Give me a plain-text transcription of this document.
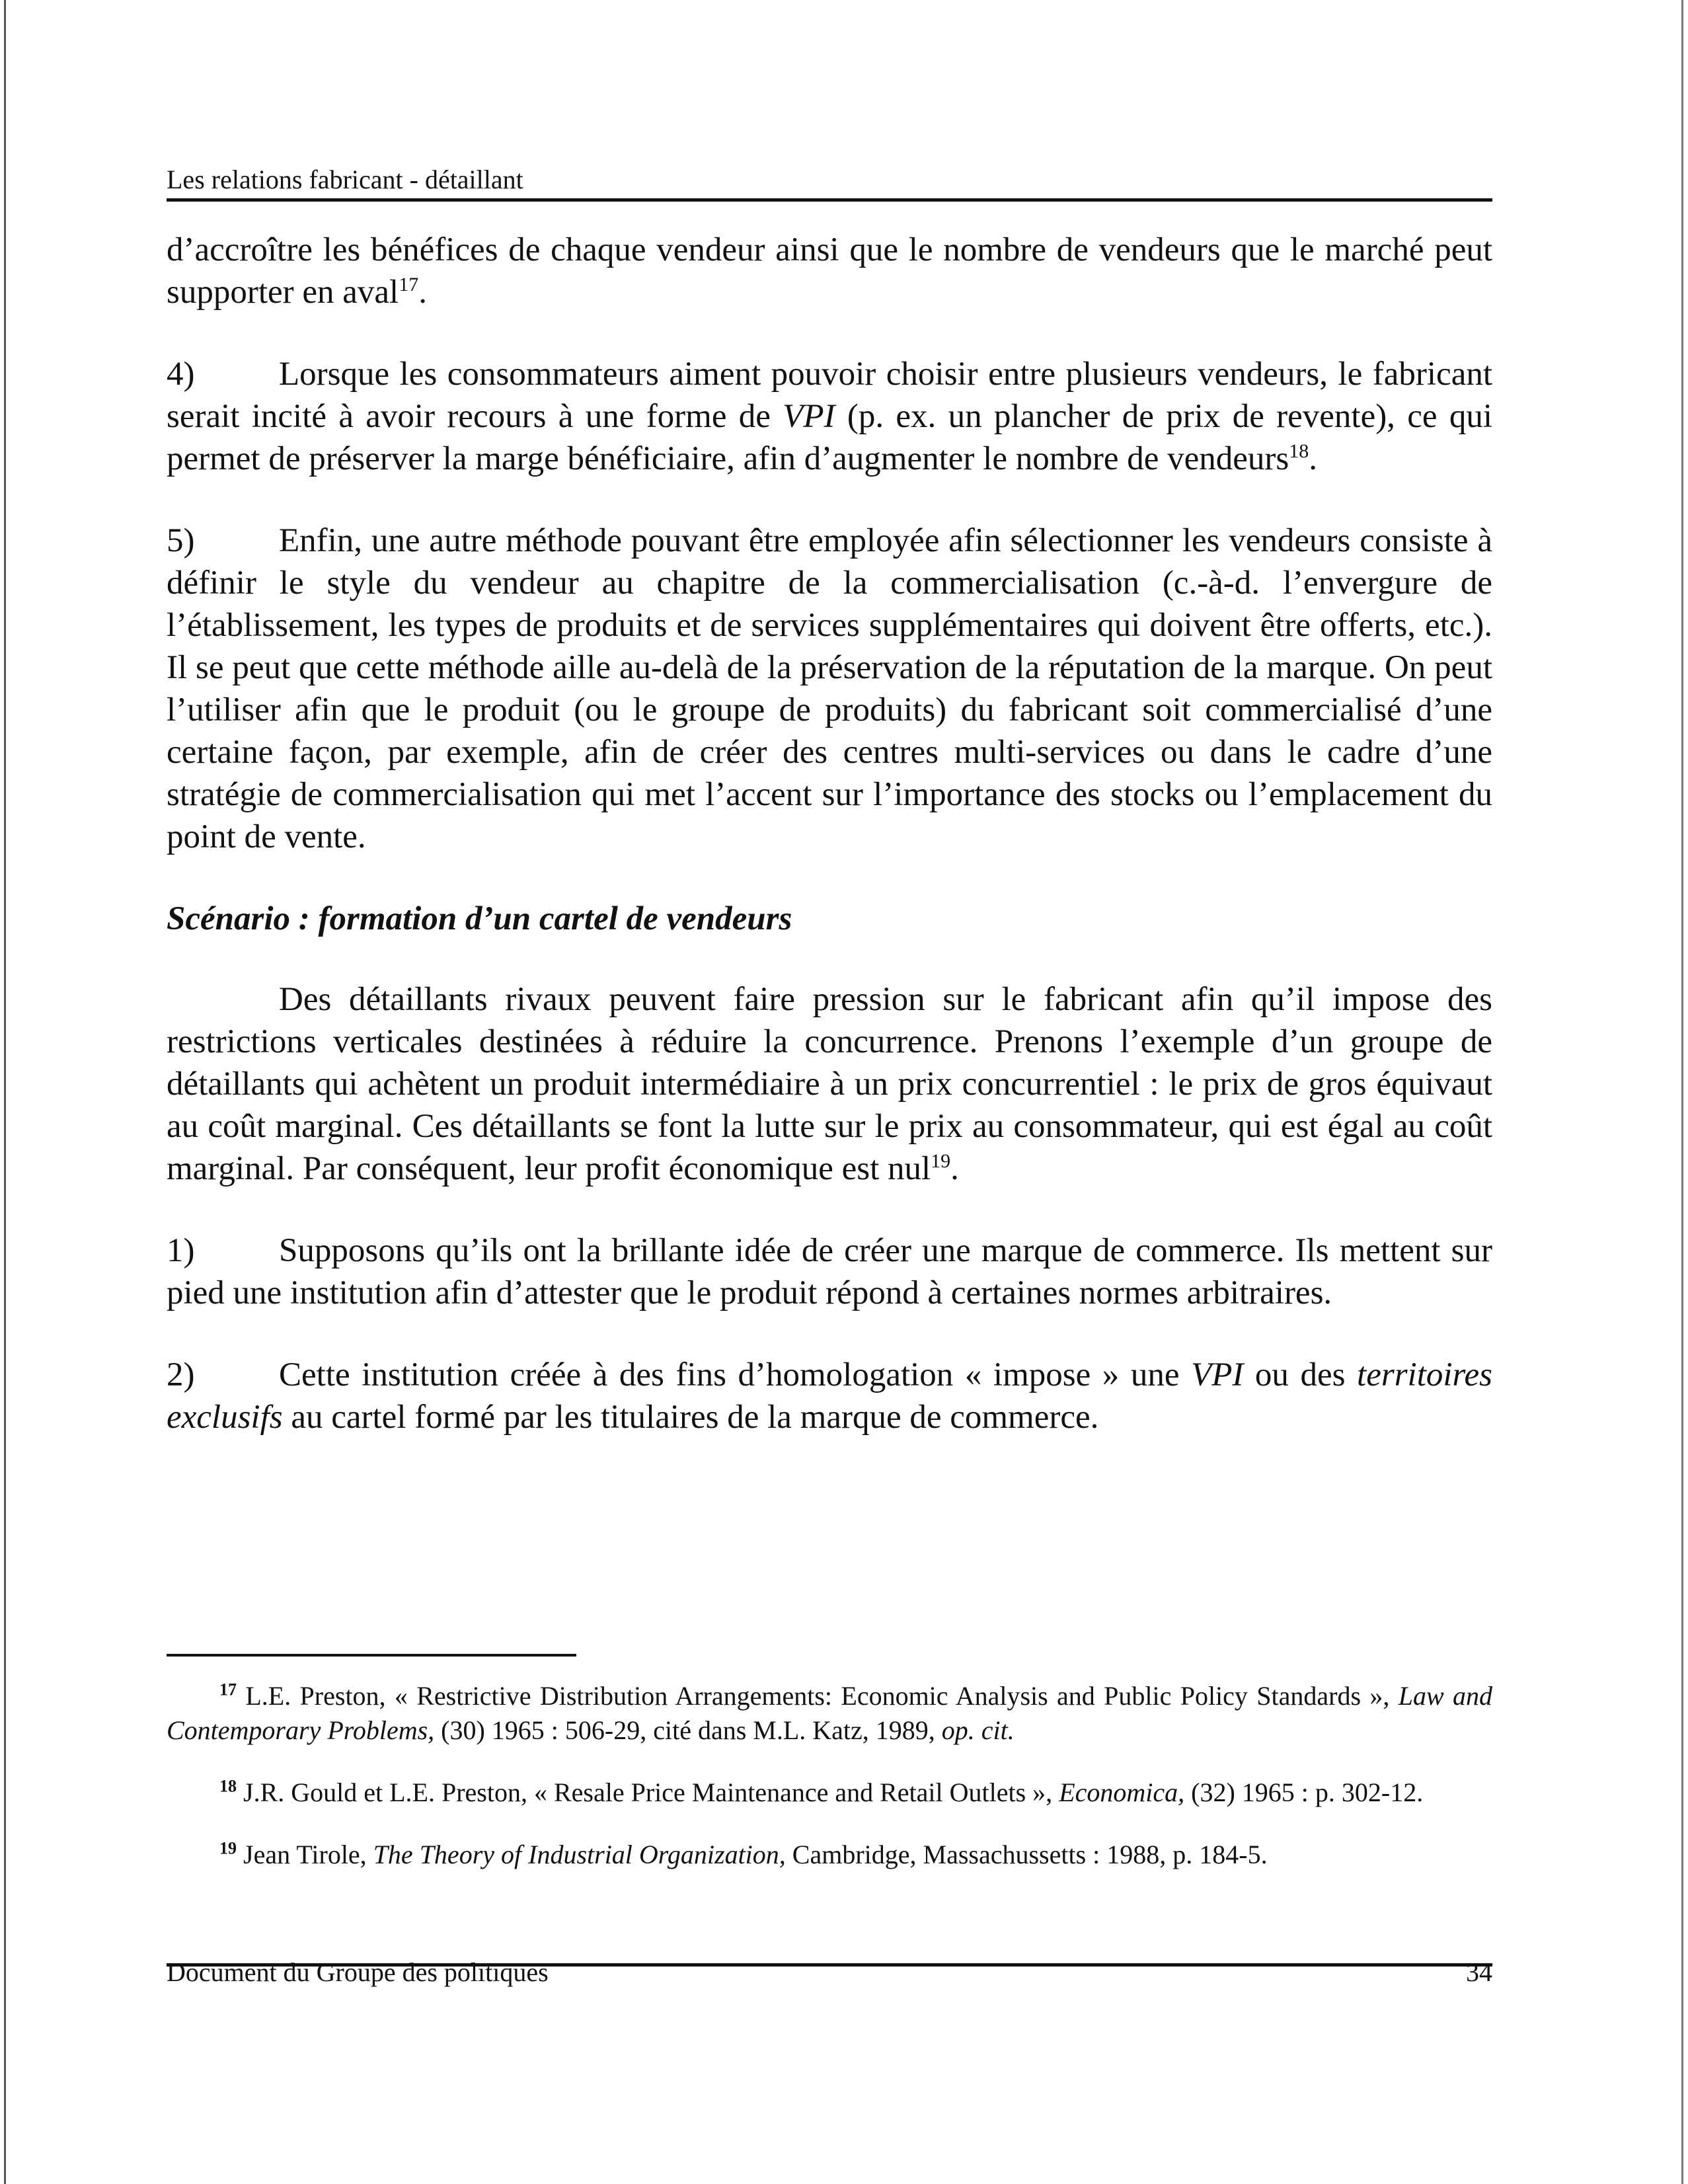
Les relations fabricant - détaillant

d’accroître les bénéfices de chaque vendeur ainsi que le nombre de vendeurs que le marché peut supporter en aval$^{17}$.

4)	Lorsque les consommateurs aiment pouvoir choisir entre plusieurs vendeurs, le fabricant serait incité à avoir recours à une forme de VPI (p. ex. un plancher de prix de revente), ce qui permet de préserver la marge bénéficiaire, afin d’augmenter le nombre de vendeurs$^{18}$.

5)	Enfin, une autre méthode pouvant être employée afin sélectionner les vendeurs consiste à définir le style du vendeur au chapitre de la commercialisation (c.-à-d. l’envergure de l’établissement, les types de produits et de services supplémentaires qui doivent être offerts, etc.). Il se peut que cette méthode aille au-delà de la préservation de la réputation de la marque. On peut l’utiliser afin que le produit (ou le groupe de produits) du fabricant soit commercialisé d’une certaine façon, par exemple, afin de créer des centres multi-services ou dans le cadre d’une stratégie de commercialisation qui met l’accent sur l’importance des stocks ou l’emplacement du point de vente.

Scénario : formation d’un cartel de vendeurs

Des détaillants rivaux peuvent faire pression sur le fabricant afin qu’il impose des restrictions verticales destinées à réduire la concurrence. Prenons l’exemple d’un groupe de détaillants qui achètent un produit intermédiaire à un prix concurrentiel : le prix de gros équivaut au coût marginal. Ces détaillants se font la lutte sur le prix au consommateur, qui est égal au coût marginal. Par conséquent, leur profit économique est nul$^{19}$.

1)	Supposons qu’ils ont la brillante idée de créer une marque de commerce. Ils mettent sur pied une institution afin d’attester que le produit répond à certaines normes arbitraires.

2)	Cette institution créée à des fins d’homologation « impose » une VPI ou des territoires exclusifs au cartel formé par les titulaires de la marque de commerce.

$^{17}$ L.E. Preston, « Restrictive Distribution Arrangements: Economic Analysis and Public Policy Standards », Law and Contemporary Problems, (30) 1965 : 506-29, cité dans M.L. Katz, 1989, op. cit.

$^{18}$ J.R. Gould et L.E. Preston, « Resale Price Maintenance and Retail Outlets », Economica, (32) 1965 : p. 302-12.

$^{19}$ Jean Tirole, The Theory of Industrial Organization, Cambridge, Massachussetts : 1988, p. 184-5.

Document du Groupe des politiques	34
